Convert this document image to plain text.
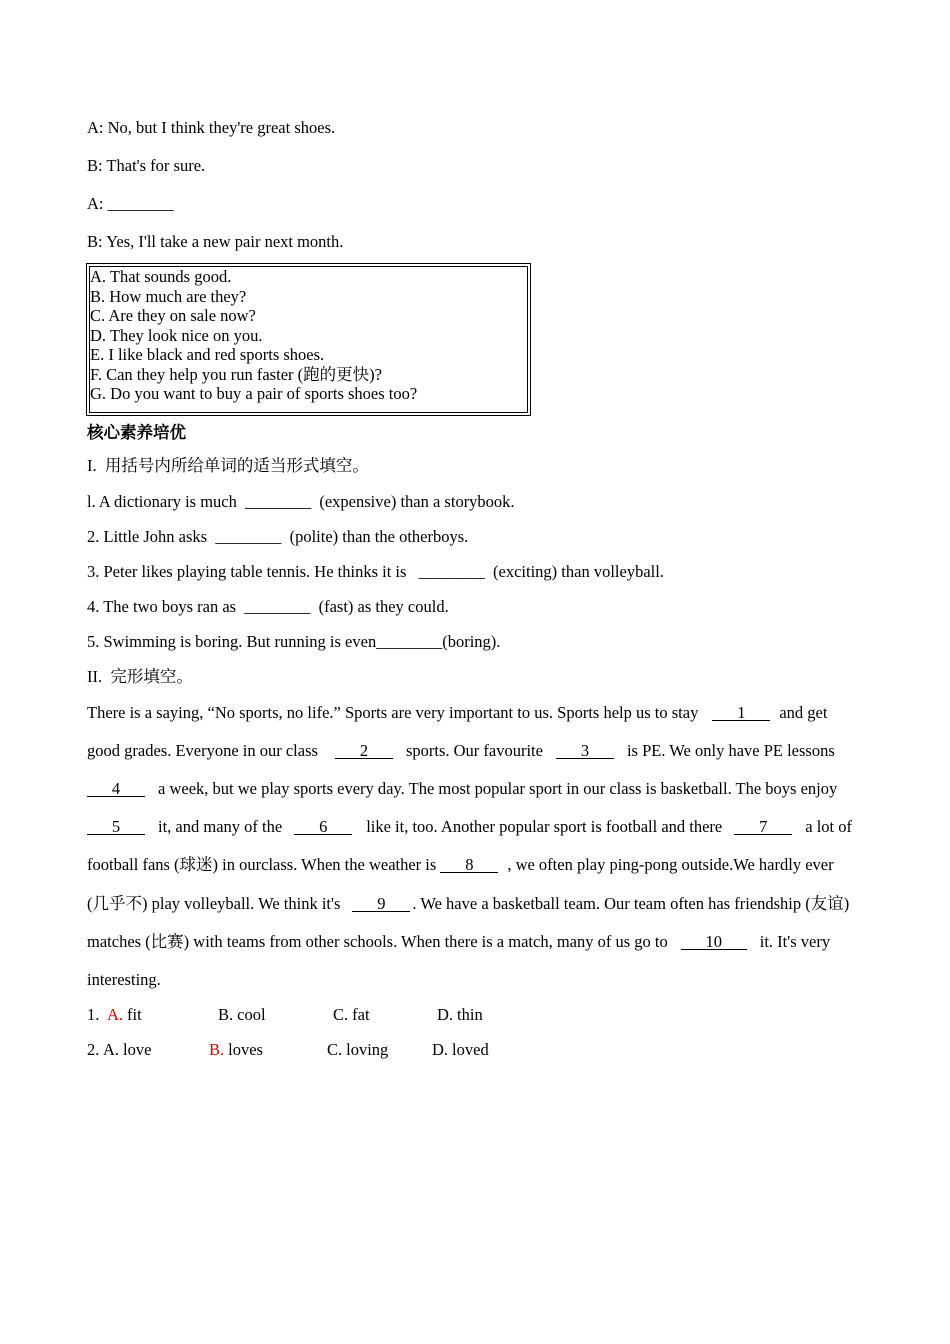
A: No, but I think they're great shoes.
B: That's for sure.
A: ________
B: Yes, I'll take a new pair next month.
A. That sounds good.
B. How much are they?
C. Are they on sale now?
D. They look nice on you.
E. I like black and red sports shoes.
F. Can they help you run faster (跑的更快)?
G. Do you want to buy a pair of sports shoes too?
核心素养培优
I.  用括号内所给单词的适当形式填空。
l. A dictionary is much  ________  (expensive) than a storybook.
2. Little John asks  ________  (polite) than the otherboys.
3. Peter likes playing table tennis. He thinks it is   ________  (exciting) than volleyball.
4. The two boys ran as  ________  (fast) as they could.
5. Swimming is boring. But running is even________(boring).
II.  完形填空。
There is a saying, “No sports, no life.” Sports are very important to us. Sports help us to stay 1 and get
good grades. Everyone in our class	2 sports. Our favourite 3 is PE. We only have PE lessons
4 a week, but we play sports every day. The most popular sport in our class is basketball. The boys enjoy
5 it, and many of the 6 like it, too. Another popular sport is football and there 7 a lot of
football fans (球迷) in ourclass. When the weather is 8 , we often play ping-pong outside.We hardly ever
(几乎不) play volleyball. We think it's 9 . We have a basketball team. Our team often has friendship (友谊)
matches (比赛) with teams from other schools. When there is a match, many of us go to 10 it. It's very
interesting.
1. A. fit	B. cool	C. fat	D. thin
2. A. love	B. loves	C. loving	D. loved
